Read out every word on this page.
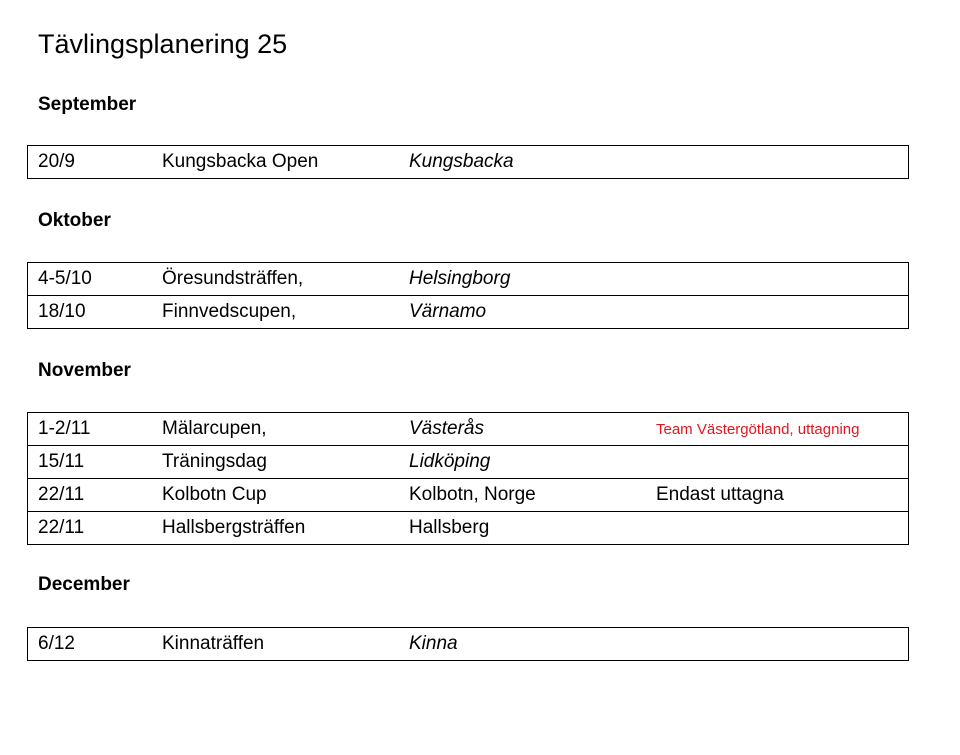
Tävlingsplanering 25
September
20/9	Kungsbacka Open	Kungsbacka
Oktober
4-5/10	Öresundsträffen,	Helsingborg
18/10	Finnvedscupen,	Värnamo
November
1-2/11	Mälarcupen,	Västerås	Team Västergötland, uttagning
15/11	Träningsdag	Lidköping
22/11	Kolbotn Cup	Kolbotn, Norge	Endast uttagna
22/11	Hallsbergsträffen	Hallsberg
December
6/12	Kinnaträffen	Kinna
